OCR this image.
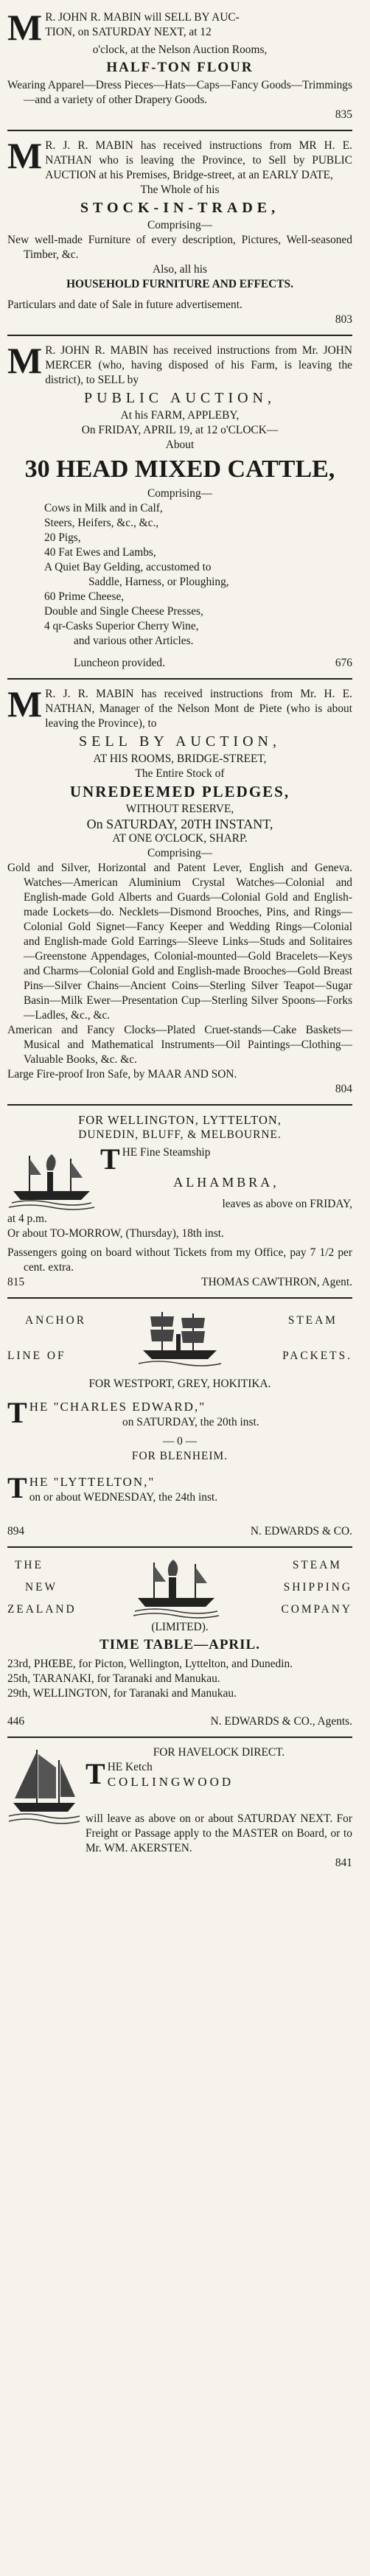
M R. JOHN R. MABIN will SELL BY AUC-

TION, on SATURDAY NEXT, at 12

o'clock, at the Nelson Auction Rooms,

HALF-TON FLOUR

Wearing Apparel—Dress Pieces—Hats—Caps—Fancy Goods—Trimmings—and a variety of other Drapery Goods.

835

M R. J. R. MABIN has received instructions from MR H. E. NATHAN who is leaving the Province, to Sell by PUBLIC AUCTION at his Premises, Bridge-street, at an EARLY DATE,

The Whole of his

STOCK-IN-TRADE,

Comprising—

New well-made Furniture of every description, Pictures, Well-seasoned Timber, &c.

Also, all his

HOUSEHOLD FURNITURE AND EFFECTS.

Particulars and date of Sale in future advertisement.

803

M R. JOHN R. MABIN has received instructions from Mr. JOHN MERCER (who, having disposed of his Farm, is leaving the district), to SELL by

PUBLIC AUCTION,

At his FARM, APPLEBY,

On FRIDAY, APRIL 19, at 12 o'CLOCK—

About

30 HEAD MIXED CATTLE,

Comprising—

Cows in Milk and in Calf,
Steers, Heifers, &c., &c.,
20 Pigs,
40 Fat Ewes and Lambs,
A Quiet Bay Gelding, accustomed to
Saddle, Harness, or Ploughing,
60 Prime Cheese,
Double and Single Cheese Presses,
4 qr-Casks Superior Cherry Wine,
and various other Articles.
Luncheon provided.	676
M R. J. R. MABIN has received instructions from Mr. H. E. NATHAN, Manager of the Nelson Mont de Piete (who is about leaving the Province), to

SELL BY AUCTION,

AT HIS ROOMS, BRIDGE-STREET,

The Entire Stock of

UNREDEEMED PLEDGES,

WITHOUT RESERVE,

On SATURDAY, 20TH INSTANT,

AT ONE O'CLOCK, SHARP.

Comprising—

Gold and Silver, Horizontal and Patent Lever, English and Geneva. Watches—American Aluminium Crystal Watches—Colonial and English-made Gold Alberts and Guards—Colonial Gold and English-made Lockets—do. Necklets—Dismond Brooches, Pins, and Rings—Colonial Gold Signet—Fancy Keeper and Wedding Rings—Colonial and English-made Gold Earrings—Sleeve Links—Studs and Solitaires—Greenstone Appendages, Colonial-mounted—Gold Bracelets—Keys and Charms—Colonial Gold and English-made Brooches—Gold Breast Pins—Silver Chains—Ancient Coins—Sterling Silver Teapot—Sugar Basin—Milk Ewer—Presentation Cup—Sterling Silver Spoons—Forks—Ladles, &c., &c.

American and Fancy Clocks—Plated Cruet-stands—Cake Baskets—Musical and Mathematical Instruments—Oil Paintings—Clothing—Valuable Books, &c. &c.

Large Fire-proof Iron Safe, by MAAR AND SON.

804

FOR WELLINGTON, LYTTELTON,

DUNEDIN, BLUFF, & MELBOURNE.

T HE Fine Steamship
ALHAMBRA,
leaves as above on FRIDAY,

at 4 p.m.

Or about TO-MORROW, (Thursday), 18th inst.

Passengers going on board without Tickets from my Office, pay 7 1/2 per cent. extra.

815	THOMAS CAWTHRON, Agent.
ANCHOR
LINE OF
STEAM
PACKETS.

FOR WESTPORT, GREY, HOKITIKA.

T HE "CHARLES EDWARD,"
on SATURDAY, the 20th inst.

— 0 —

FOR BLENHEIM.

T HE "LYTTELTON,"
on or about WEDNESDAY, the 24th inst.
894	N. EDWARDS & CO.
THE
NEW
ZEALAND
STEAM
SHIPPING
COMPANY

(LIMITED).

TIME TABLE—APRIL.

23rd, PHŒBE, for Picton, Wellington, Lyttelton, and Dunedin.

25th, TARANAKI, for Taranaki and Manukau.

29th, WELLINGTON, for Taranaki and Manukau.

446	N. EDWARDS & CO., Agents.
FOR HAVELOCK DIRECT.
T HE Ketch
COLLINGWOOD

will leave as above on or about SATURDAY NEXT. For Freight or Passage apply to the MASTER on Board, or to Mr. WM. AKERSTEN.

841
